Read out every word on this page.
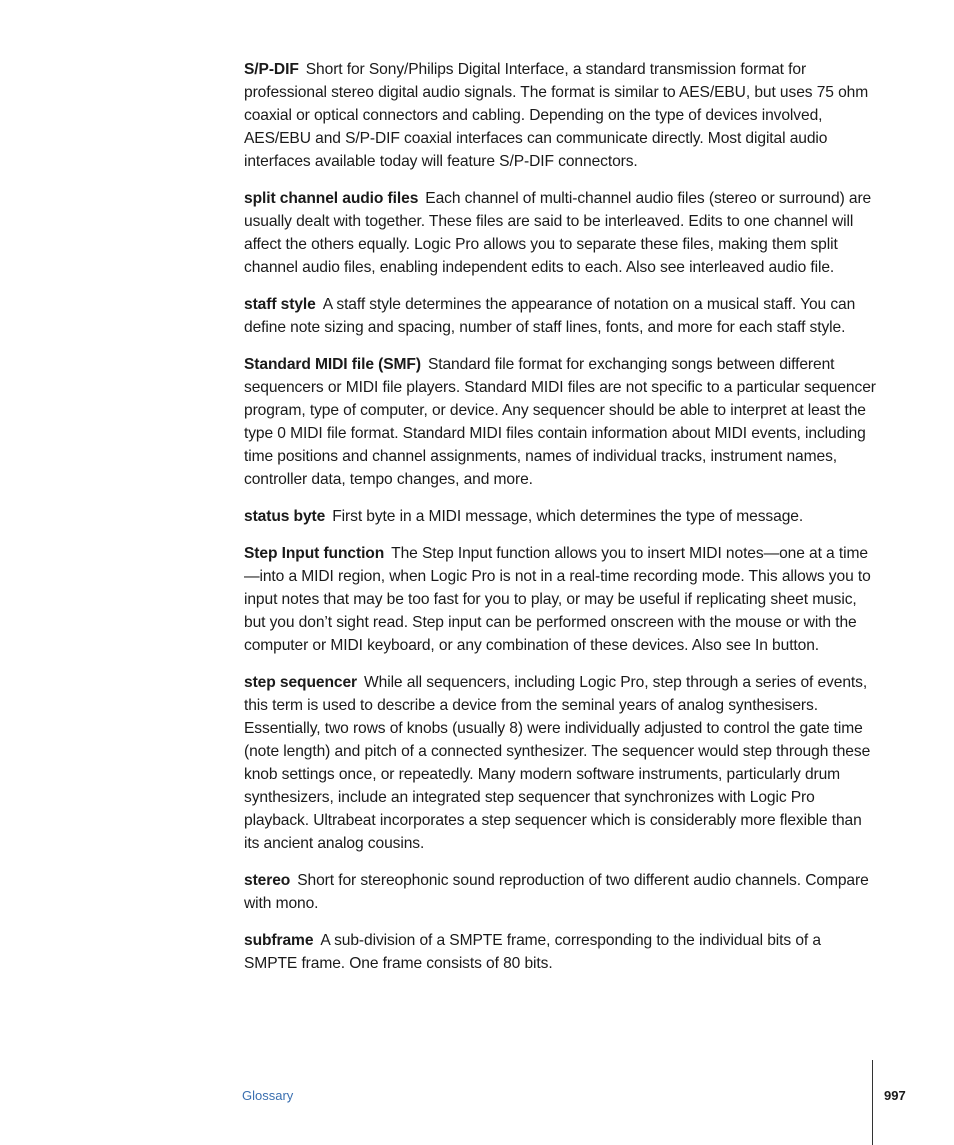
S/P-DIF Short for Sony/Philips Digital Interface, a standard transmission format for professional stereo digital audio signals. The format is similar to AES/EBU, but uses 75 ohm coaxial or optical connectors and cabling. Depending on the type of devices involved, AES/EBU and S/P-DIF coaxial interfaces can communicate directly. Most digital audio interfaces available today will feature S/P-DIF connectors.

split channel audio files Each channel of multi-channel audio files (stereo or surround) are usually dealt with together. These files are said to be interleaved. Edits to one channel will affect the others equally. Logic Pro allows you to separate these files, making them split channel audio files, enabling independent edits to each. Also see interleaved audio file.

staff style A staff style determines the appearance of notation on a musical staff. You can define note sizing and spacing, number of staff lines, fonts, and more for each staff style.

Standard MIDI file (SMF) Standard file format for exchanging songs between different sequencers or MIDI file players. Standard MIDI files are not specific to a particular sequencer program, type of computer, or device. Any sequencer should be able to interpret at least the type 0 MIDI file format. Standard MIDI files contain information about MIDI events, including time positions and channel assignments, names of individual tracks, instrument names, controller data, tempo changes, and more.

status byte First byte in a MIDI message, which determines the type of message.

Step Input function The Step Input function allows you to insert MIDI notes—one at a time—into a MIDI region, when Logic Pro is not in a real-time recording mode. This allows you to input notes that may be too fast for you to play, or may be useful if replicating sheet music, but you don’t sight read. Step input can be performed onscreen with the mouse or with the computer or MIDI keyboard, or any combination of these devices. Also see In button.

step sequencer While all sequencers, including Logic Pro, step through a series of events, this term is used to describe a device from the seminal years of analog synthesisers. Essentially, two rows of knobs (usually 8) were individually adjusted to control the gate time (note length) and pitch of a connected synthesizer. The sequencer would step through these knob settings once, or repeatedly. Many modern software instruments, particularly drum synthesizers, include an integrated step sequencer that synchronizes with Logic Pro playback. Ultrabeat incorporates a step sequencer which is considerably more flexible than its ancient analog cousins.

stereo Short for stereophonic sound reproduction of two different audio channels. Compare with mono.

subframe A sub-division of a SMPTE frame, corresponding to the individual bits of a SMPTE frame. One frame consists of 80 bits.

Glossary	997
